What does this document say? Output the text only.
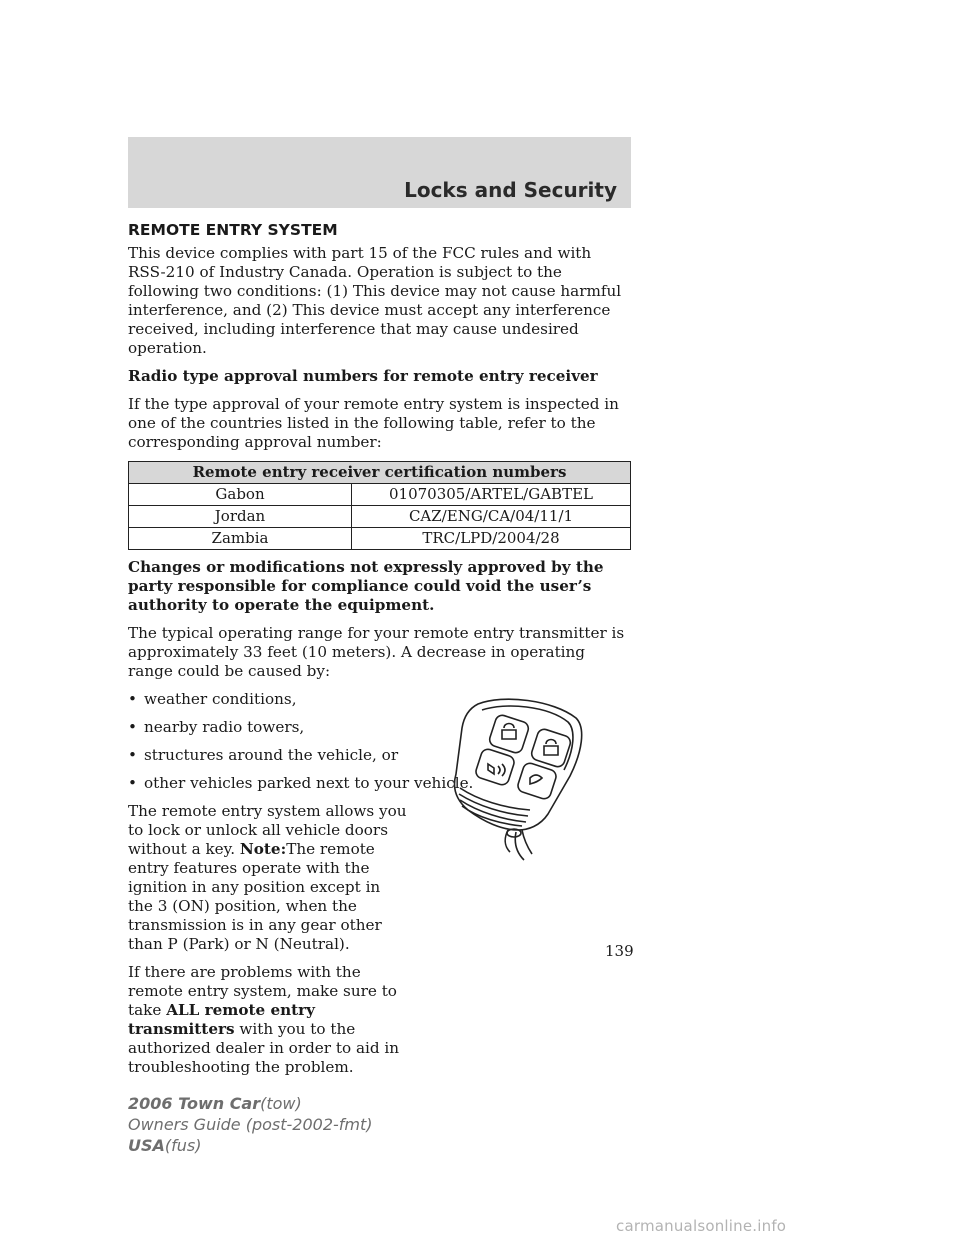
Locks and Security
REMOTE ENTRY SYSTEM

This device complies with part 15 of the FCC rules and with RSS-210 of Industry Canada. Operation is subject to the following two conditions: (1) This device may not cause harmful interference, and (2) This device must accept any interference received, including interference that may cause undesired operation.

Radio type approval numbers for remote entry receiver

If the type approval of your remote entry system is inspected in one of the countries listed in the following table, refer to the corresponding approval number:

Remote entry receiver certification numbers	
Gabon	01070305/ARTEL/GABTEL
Jordan	CAZ/ENG/CA/04/11/1
Zambia	TRC/LPD/2004/28

Changes or modifications not expressly approved by the party responsible for compliance could void the user’s authority to operate the equipment.

The typical operating range for your remote entry transmitter is approximately 33 feet (10 meters). A decrease in operating range could be caused by:

• weather conditions,
• nearby radio towers,
• structures around the vehicle, or
• other vehicles parked next to your vehicle.

The remote entry system allows you to lock or unlock all vehicle doors without a key. Note:The remote entry features operate with the ignition in any position except in the 3 (ON) position, when the transmission is in any gear other than P (Park) or N (Neutral).

If there are problems with the remote entry system, make sure to take ALL remote entry transmitters with you to the authorized dealer in order to aid in troubleshooting the problem.

139
2006 Town Car(tow)
Owners Guide (post-2002-fmt)
USA(fus)
carmanualsonline.info
